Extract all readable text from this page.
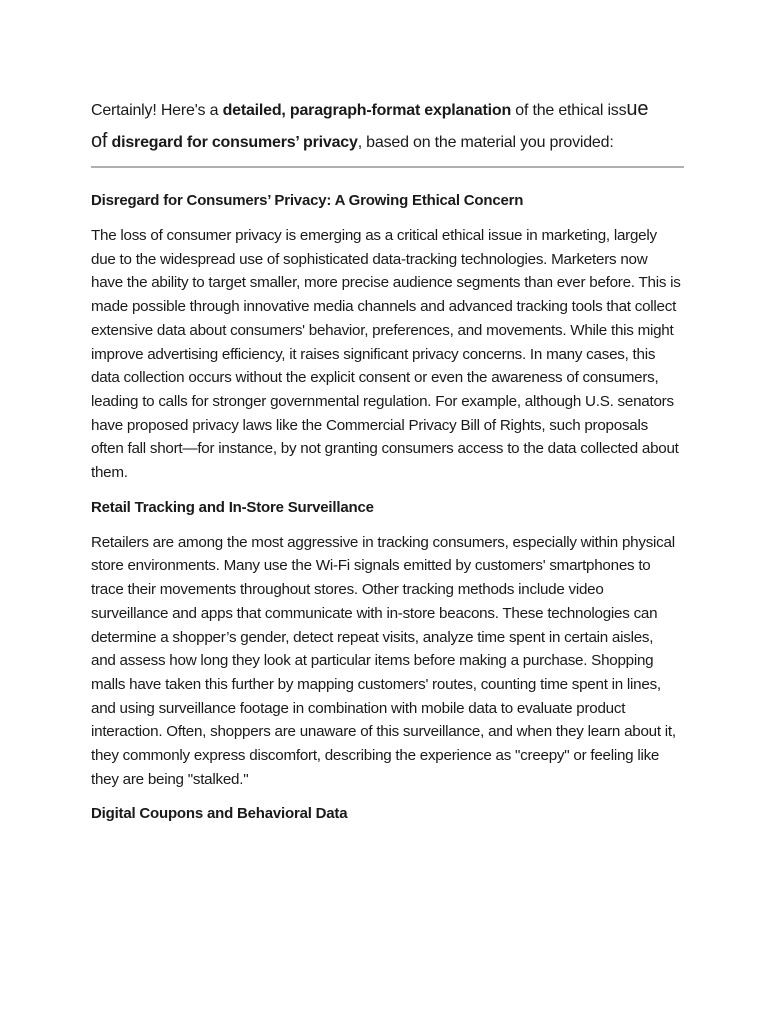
Certainly! Here's a detailed, paragraph-format explanation of the ethical issue
of disregard for consumers’ privacy, based on the material you provided:

Disregard for Consumers’ Privacy: A Growing Ethical Concern

The loss of consumer privacy is emerging as a critical ethical issue in marketing, largely due to the widespread use of sophisticated data-tracking technologies. Marketers now have the ability to target smaller, more precise audience segments than ever before. This is made possible through innovative media channels and advanced tracking tools that collect extensive data about consumers' behavior, preferences, and movements. While this might improve advertising efficiency, it raises significant privacy concerns. In many cases, this data collection occurs without the explicit consent or even the awareness of consumers, leading to calls for stronger governmental regulation. For example, although U.S. senators have proposed privacy laws like the Commercial Privacy Bill of Rights, such proposals often fall short—for instance, by not granting consumers access to the data collected about them.

Retail Tracking and In-Store Surveillance

Retailers are among the most aggressive in tracking consumers, especially within physical store environments. Many use the Wi-Fi signals emitted by customers' smartphones to trace their movements throughout stores. Other tracking methods include video surveillance and apps that communicate with in-store beacons. These technologies can determine a shopper’s gender, detect repeat visits, analyze time spent in certain aisles, and assess how long they look at particular items before making a purchase. Shopping malls have taken this further by mapping customers' routes, counting time spent in lines, and using surveillance footage in combination with mobile data to evaluate product interaction. Often, shoppers are unaware of this surveillance, and when they learn about it, they commonly express discomfort, describing the experience as "creepy" or feeling like they are being "stalked."

Digital Coupons and Behavioral Data
